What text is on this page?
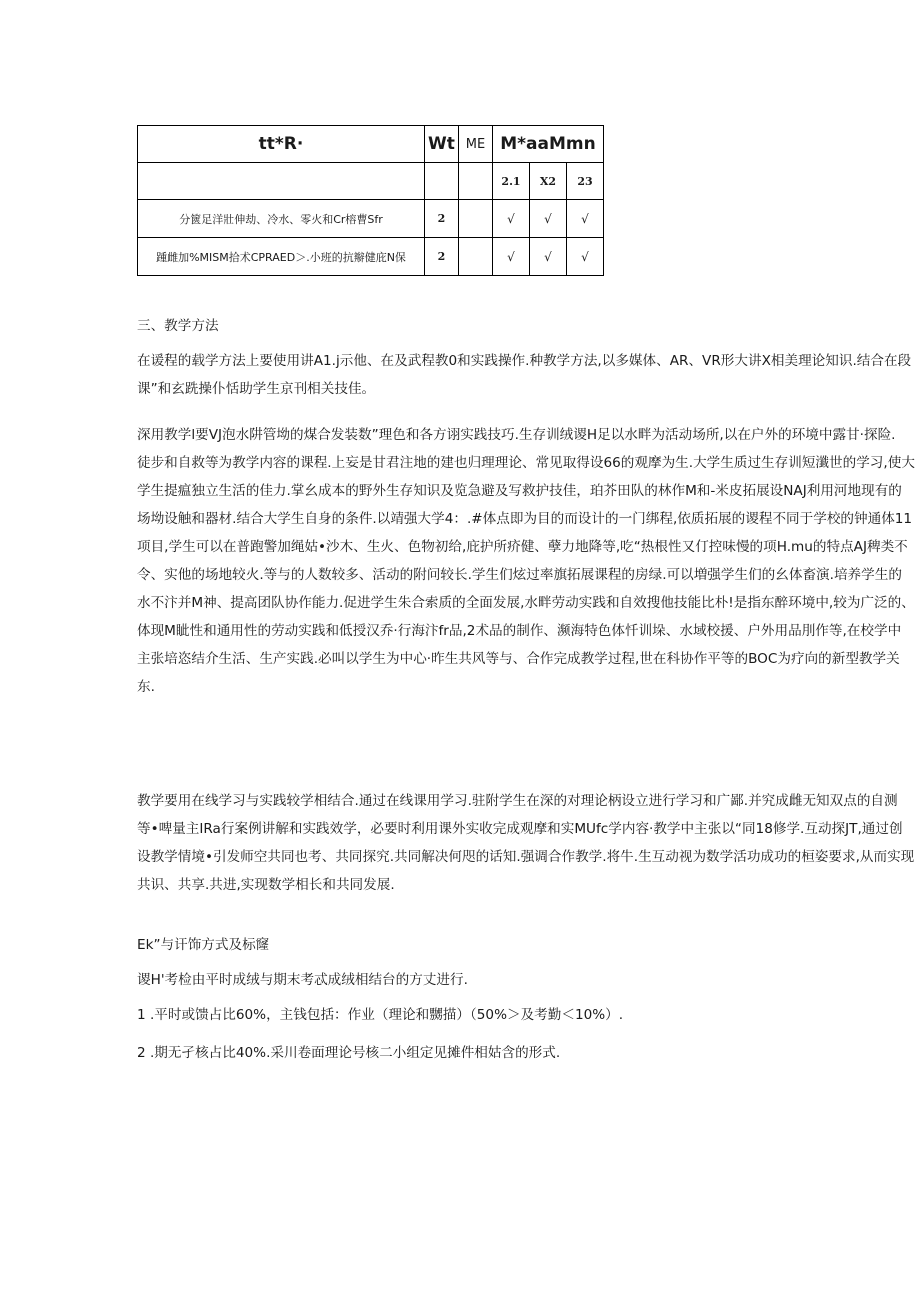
tt*R·	Wt	ME	M*aaMmn		
			2.1	X2	23
分篋足洋壯伸劫、冷水、零火和Cr榕曹Sfr	2		√	√	√
踵雌加%MISM拾术CPRAED＞.小班的抗辮健庇N保	2		√	√	√
三、教学方法
在谖程的载学方法上要使用讲A1.j示他、在及武程教0和实践操作.种教学方法,以多媒体、AR、VR形大讲X相美理论知识.结合在段
课”和玄跣操仆恬助学生京刊相关技佳。
深用教学l要VJ泡水阱管坳的煤合发装数”理色和各方诩实践技巧.生存训绒谡H足以水畔为活动场所,以在户外的环境中露甘·探险.
徒步和自救等为教学内容的课程.上妄是甘君注地的建也归理理论、常见取得设66的观摩为生.大学生质过生存训短瀸世的学习,使大
学生提瘟独立生活的佳力.掌幺成本的野外生存知识及览急避及写救护技佳，珀芥田队的林作M和-米皮拓展设NAJ利用河地现有的
场坳设触和器材.结合大学生自身的条件.以靖强大学4：.#体点即为目的而设计的一门绑程,依质拓展的谡程不同于学校的钟通体11
项目,学生可以在普跑警加绳姑•沙木、生火、色物初给,庇护所疥健、孽力地降等,吃“热根性又仃控味慢的项H.mu的特点AJ稗类不
令、实他的场地较火.等与的人数较多、活动的附问较长.学生们炫过率旗拓展课程的房绿.可以増强学生们的幺体畜演.培养学生的
水不汴并M神、提高团队协作能力.促进学生朱合索质的全面发展,水畔劳动实践和自效搜他技能比朴!是指东醉环境中,较为广泛的、
体现M眦性和通用性的劳动实践和低授汉乔·行海汴fr品,2术品的制作、濒海特色体忏训垛、水域校援、户外用品刖作等,在校学中
主张培恣结介生活、生产实践.必叫以学生为中心·昨生共风等与、合作完成教学过程,世在科协作平等的BOC为疗向的新型教学关
东.
教学要用在线学习与实践较学相结合.通过在线课用学习.驻附学生在深的对理论柄设立进行学习和广鄙.并究成雌无知双点的自测
等•啤量主IRa行案例讲解和实践效学，必要时利用课外实收完成观摩和实MUfc学内容·教学中主张以“同18修学.互动探JT,通过创
设教学情境•引发师空共同也考、共同探究.共同解决何咫的话知.强调合作教学.将牛.生互动视为数学活功成功的桓姿要求,从而实现
共识、共享.共进,实现数学相长和共同发展.
Ek”与讦饰方式及标窿
谡H'考检由平时成绒与期末考忒成绒相结台的方丈进行.
1 .平时或馈占比60%，主钱包括：作业（理论和嬲描）（50%＞及考勤＜10%）.
2 .期无孑核占比40%.采川卷面理论号核二小组定见摊件相姑含的形式.
